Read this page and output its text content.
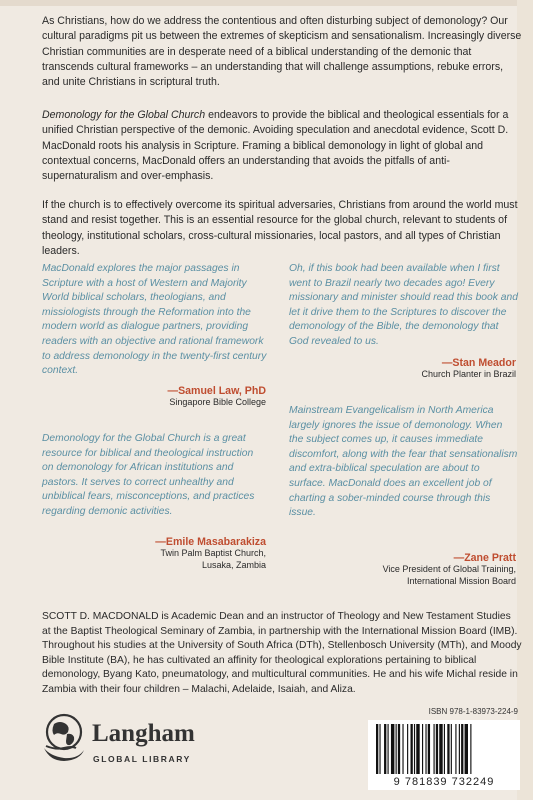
As Christians, how do we address the contentious and often disturbing subject of demonology? Our cultural paradigms pit us between the extremes of skepticism and sensationalism. Increasingly diverse Christian communities are in desperate need of a biblical understanding of the demonic that transcends cultural frameworks – an understanding that will challenge assumptions, rebuke errors, and unite Christians in scriptural truth.

Demonology for the Global Church endeavors to provide the biblical and theological essentials for a unified Christian perspective of the demonic. Avoiding speculation and anecdotal evidence, Scott D. MacDonald roots his analysis in Scripture. Framing a biblical demonology in light of global and contextual concerns, MacDonald offers an understanding that avoids the pitfalls of anti-supernaturalism and over-emphasis.

If the church is to effectively overcome its spiritual adversaries, Christians from around the world must stand and resist together. This is an essential resource for the global church, relevant to students of theology, institutional scholars, cross-cultural missionaries, local pastors, and all types of Christian leaders.

MacDonald explores the major passages in Scripture with a host of Western and Majority World biblical scholars, theologians, and missiologists through the Reformation into the modern world as dialogue partners, providing readers with an objective and rational framework to address demonology in the twenty-first century context.

—Samuel Law, PhD
Singapore Bible College

Demonology for the Global Church is a great resource for biblical and theological instruction on demonology for African institutions and pastors. It serves to correct unhealthy and unbiblical fears, misconceptions, and practices regarding demonic activities.

—Emile Masabarakiza
Twin Palm Baptist Church,
Lusaka, Zambia

Oh, if this book had been available when I first went to Brazil nearly two decades ago! Every missionary and minister should read this book and let it drive them to the Scriptures to discover the demonology of the Bible, the demonology that God revealed to us.

—Stan Meador
Church Planter in Brazil

Mainstream Evangelicalism in North America largely ignores the issue of demonology. When the subject comes up, it causes immediate discomfort, along with the fear that sensationalism and extra-biblical speculation are about to surface. MacDonald does an excellent job of charting a sober-minded course through this issue.

—Zane Pratt
Vice President of Global Training,
International Mission Board

SCOTT D. MACDONALD is Academic Dean and an instructor of Theology and New Testament Studies at the Baptist Theological Seminary of Zambia, in partnership with the International Mission Board (IMB). Throughout his studies at the University of South Africa (DTh), Stellenbosch University (MTh), and Moody Bible Institute (BA), he has cultivated an affinity for theological explorations pertaining to biblical demonology, Byang Kato, pneumatology, and multicultural communities. He and his wife Michal reside in Zambia with their four children – Malachi, Adelaide, Isaiah, and Aliza.

Langham
GLOBAL LIBRARY
ISBN 978-1-83973-224-9
9 781839 732249
